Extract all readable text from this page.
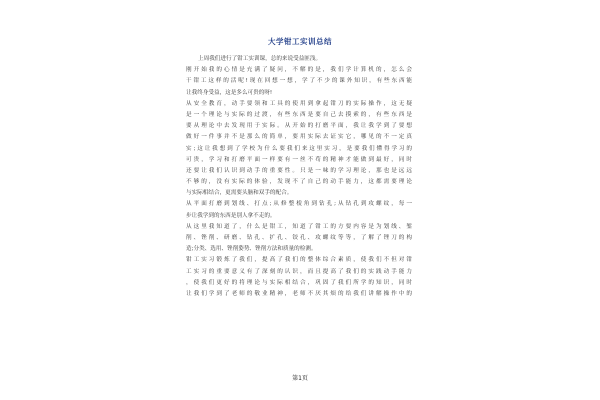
大学钳工实训总结
上周我们进行了钳工实训课，总的来说受益匪浅。
刚开始我的心情是充满了疑问，不解的是，我们学计算机的，怎么会
干钳工这样的活呢!现在回想一想，学了不少的课外知识，有些东西能
让我终身受益，这是多么可贵的呀!
从安全教育，动手要领和工具的使用到拿起钳刀的实际操作，这无疑
是一个理论与实际的过渡，有些东西是要自己去摸索的，有些东西是
要从理论中去发现用于实际。从开始的打磨平面，我让我学到了要想
做好一件事并不是那么的简单，要用实际去证实它，哪见的不一定真
实;这让我想到了学校为什么要我们来这里实习，是要我们懂得学习的
可贵，学习和打磨平面一样要有一丝不苟的精神才能做到最好，同时
还要让我们认识到动手的重要性。只是一味的学习理论，那也是远远
不够的，没有实际的体验，发现不了自己的动手能力，这都需要理论
与实际相结合，更需要头脑和双手的配合。
从平面打磨到划线、打点;从修整棱角到钻孔;从钻孔到攻螺纹，每一
步让我学到的东西是别人拿不走的。
从这里我知道了，什么是钳工，知道了钳工的方要内容是为划线、錾
削、锉削、研磨、钻孔、扩孔、铰孔、攻螺纹等等，了解了锉刀的构
造;分类、选用、锉削姿势、锉削方法和质量的检测。
钳工实习锻炼了我们，提高了我们的整体综合素质，使我们不但对钳
工实习的重要意义有了深刻的认识，而且提高了我们的实践动手能力
，使我们更好的将理论与实际相结合，巩固了我们所学的知识，同时
让我们学到了老师的敬业精神，老师不厌其烦的给我们讲解操作中的
第1页
